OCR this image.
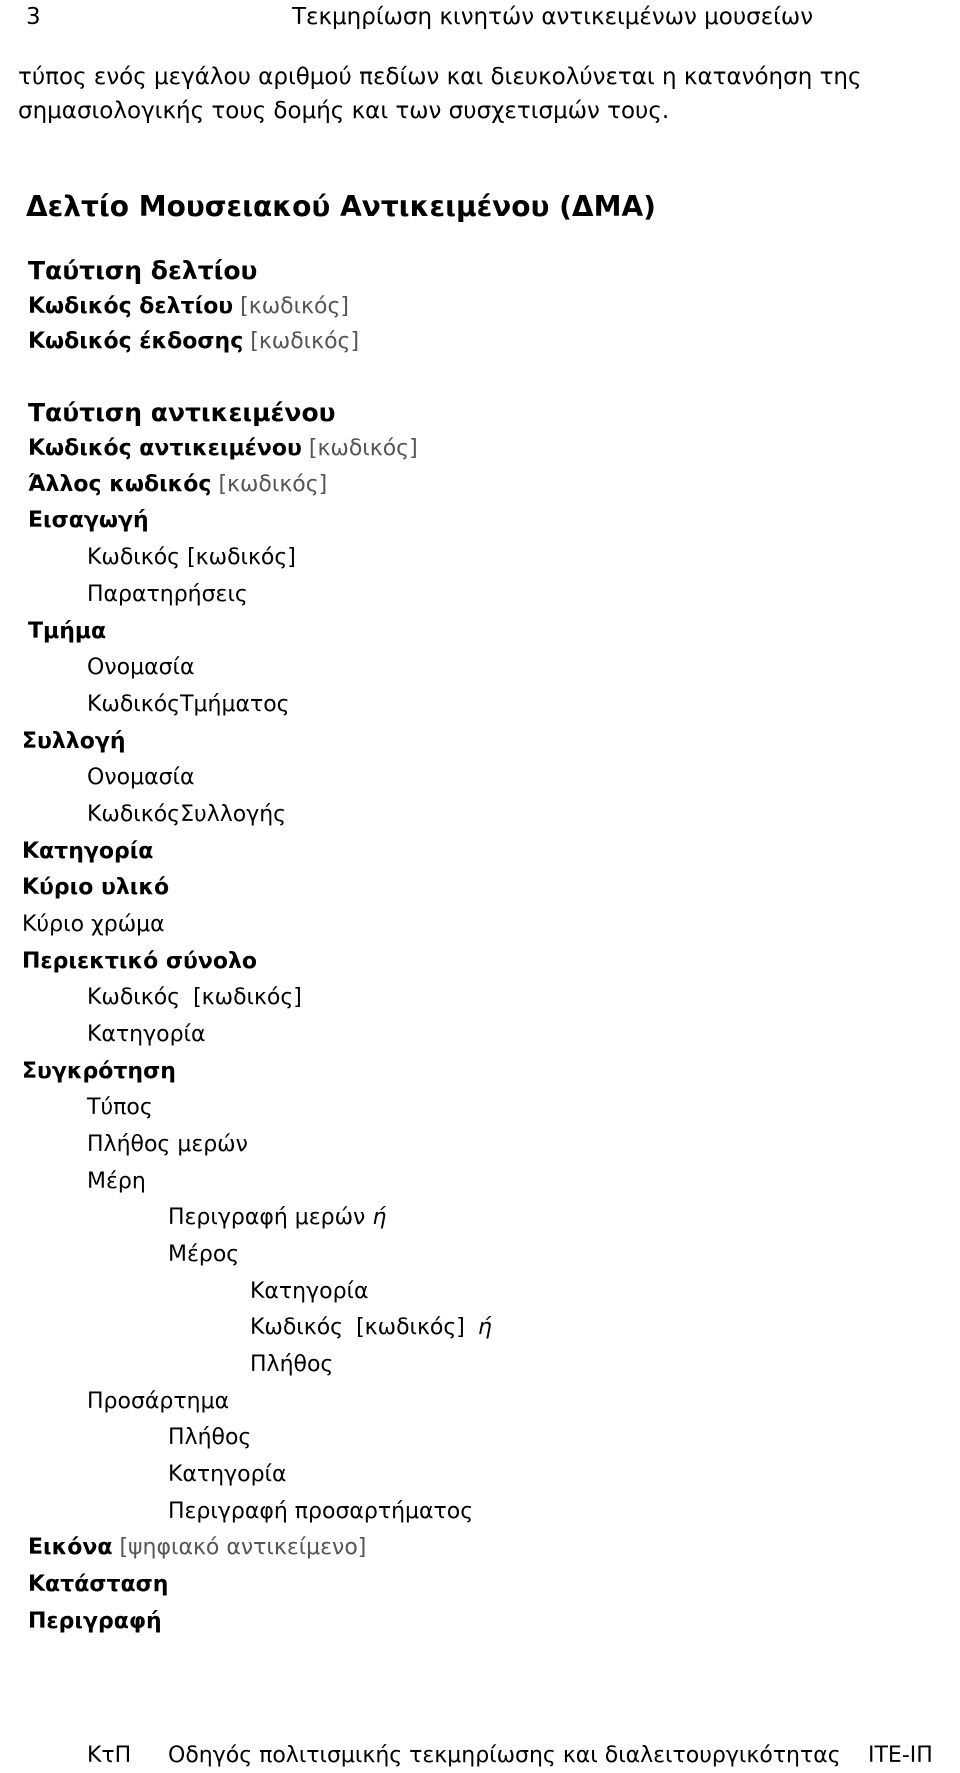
3	Τεκμηρίωση κινητών αντικειμένων μουσείων
τύπος ενός μεγάλου αριθμού πεδίων και διευκολύνεται η κατανόηση της
σημασιολογικής τους δομής και των συσχετισμών τους.
Δελτίο Μουσειακού Αντικειμένου (ΔΜΑ)
Ταύτιση δελτίου
Κωδικός δελτίου [κωδικός]
Κωδικός έκδοσης [κωδικός]
Ταύτιση αντικειμένου
Κωδικός αντικειμένου [κωδικός]
Άλλος κωδικός [κωδικός]
Εισαγωγή
Κωδικός [κωδικός]
Παρατηρήσεις
Τμήμα
Ονομασία
ΚωδικόςΤμήματος
Συλλογή
Ονομασία
ΚωδικόςΣυλλογής
Κατηγορία
Κύριο υλικό
Κύριο χρώμα
Περιεκτικό σύνολο
Κωδικός [κωδικός]
Κατηγορία
Συγκρότηση
Τύπος
Πλήθος μερών
Μέρη
Περιγραφή μερών ή
Μέρος
Κατηγορία
Κωδικός [κωδικός] ή
Πλήθος
Προσάρτημα
Πλήθος
Κατηγορία
Περιγραφή προσαρτήματος
Εικόνα [ψηφιακό αντικείμενο]
Κατάσταση
Περιγραφή
ΚτΠ Οδηγός πολιτισμικής τεκμηρίωσης και διαλειτουργικότητας ΙΤΕ-ΙΠ
